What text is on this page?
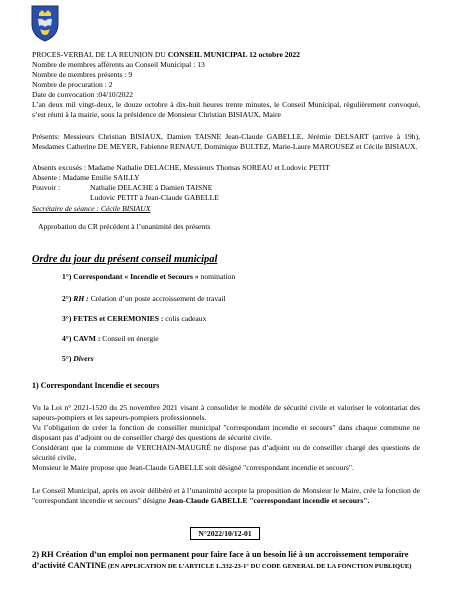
PROCES-VERBAL DE LA REUNION DU CONSEIL MUNICIPAL 12 octobre 2022
Nombre de membres afférents au Conseil Municipal : 13
Nombre de membres présents : 9
Nombre de procuration : 2
Date de convocation :04/10/2022
L’an deux mil vingt-deux, le douze octobre à dix-huit heures trente minutes, le Conseil Municipal, régulièrement convoqué, s’est réuni à la mairie, sous la présidence de Monsieur Christian BISIAUX, Maire
Présents: Messieurs Christian BISIAUX, Damien TAISNE Jean-Claude GABELLE, Jérémie DELSART (arrive à 19h), Mesdames Catherine DE MEYER, Fabienne RENAUT, Dominique BULTEZ, Marie-Laure MAROUSEZ et Cécile BISIAUX.
Absents excusés : Madame Nathalie DELACHE, Messieurs Thomas SOREAU et Ludovic PETIT
Absente : Madame Emilie SAILLY
Pouvoir :	Nathalie DELACHE à Damien TAISNE
Ludovic PETIT à Jean-Claude GABELLE
Secrétaire de séance : Cécile BISIAUX
Approbation du CR précédent à l’unanimité des présents
Ordre du jour du présent conseil municipal
1°) Correspondant « Incendie et Secours » nomination
2°) RH : Création d’un poste accroissement de travail
3°) FETES et CEREMONIES : colis cadeaux
4°) CAVM : Conseil en énergie
5°) Divers
1) Correspondant Incendie et secours
Vu la Loi n° 2021-1520 du 25 novembre 2021 visant à consolider le modèle de sécurité civile et valoriser le volontariat des sapeurs-pompiers et les sapeurs-pompiers professionnels.
Vu l’obligation de créer la fonction de conseiller municipal "correspondant incendie et secours" dans chaque commune ne disposant pas d’adjoint ou de conseiller chargé des questions de sécurité civile.
Considérant que la commune de VERCHAIN-MAUGRÉ ne dispose pas d’adjoint ou de conseiller chargé des questions de sécurité civile,
Monsieur le Maire propose que Jean-Claude GABELLE soit désigné "correspondant incendie et secours".
Le Conseil Municipal, après en avoir délibéré et à l’unanimité accepte la proposition de Monsieur le Maire, crée la fonction de "correspondant incendie et secours" désigne Jean-Claude GABELLE "correspondant incendie et secours".
N°2022/10/12-01
2) RH Création d’un emploi non permanent pour faire face à un besoin lié à un accroissement temporaire d’activité CANTINE (EN APPLICATION DE L’ARTICLE L.332-23-1° DU CODE GENERAL DE LA FONCTION PUBLIQUE)
